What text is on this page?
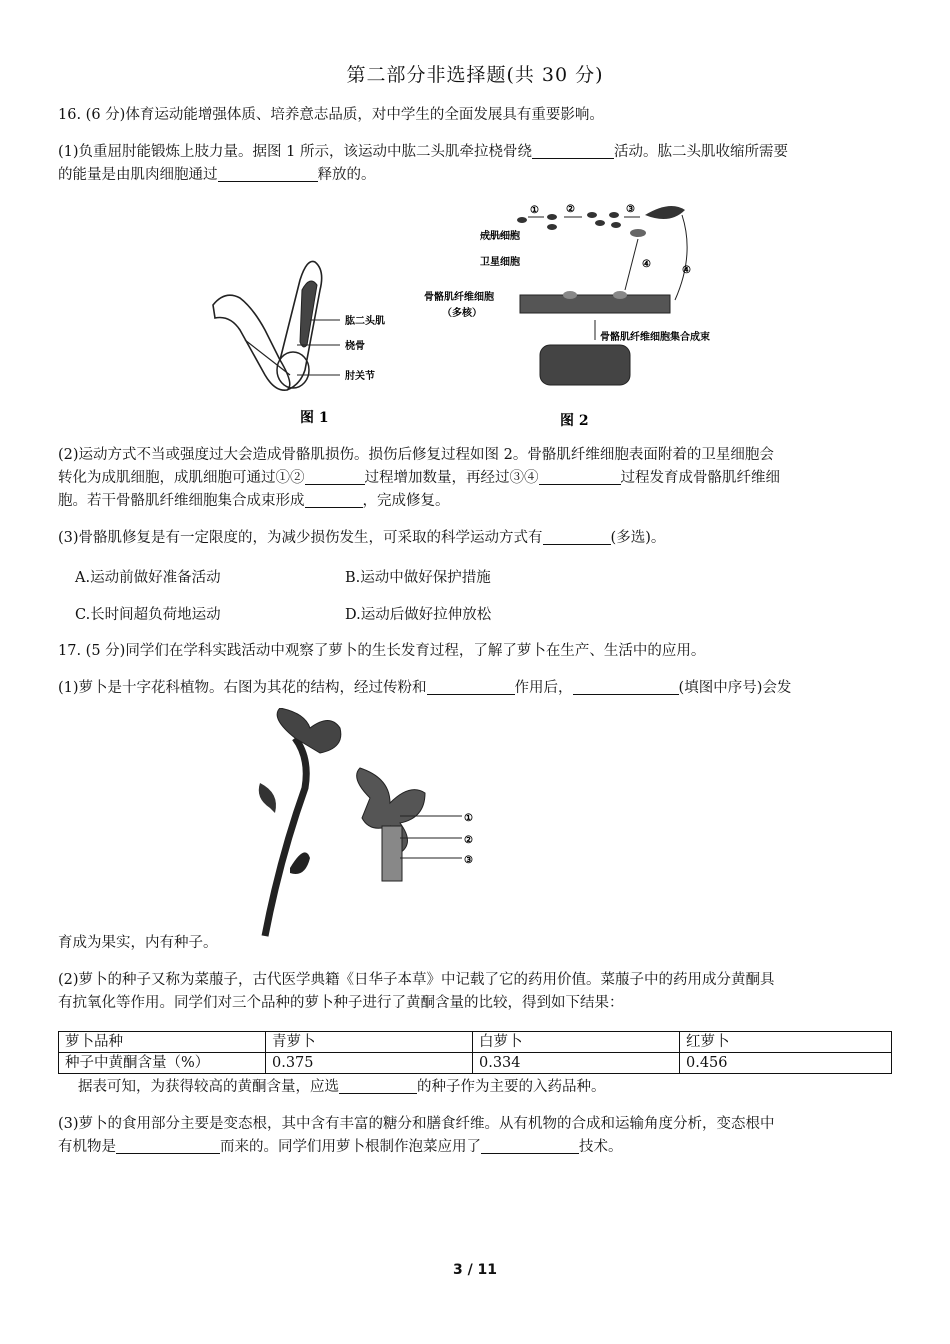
第二部分非选择题(共 30 分)
16. (6 分)体育运动能增强体质、培养意志品质，对中学生的全面发展具有重要影响。
(1)负重屈肘能锻炼上肢力量。据图 1 所示，该运动中肱二头肌牵拉桡骨绕	活动。肱二头肌收缩所需要
的能量是由肌肉细胞通过	释放的。
肱二头肌
桡骨
肘关节
图 1
成肌细胞
卫星细胞
骨骼肌纤维细胞
（多核）
骨骼肌纤维细胞集合成束
①	②	③
④
④
图 2
(2)运动方式不当或强度过大会造成骨骼肌损伤。损伤后修复过程如图 2。骨骼肌纤维细胞表面附着的卫星细胞会
转化为成肌细胞，成肌细胞可通过①②	过程增加数量，再经过③④	过程发育成骨骼肌纤维细
胞。若干骨骼肌纤维细胞集合成束形成	，完成修复。
(3)骨骼肌修复是有一定限度的，为减少损伤发生，可采取的科学运动方式有	(多选)。
A.运动前做好准备活动	B.运动中做好保护措施
C.长时间超负荷地运动	D.运动后做好拉伸放松
17. (5 分)同学们在学科实践活动中观察了萝卜的生长发育过程，了解了萝卜在生产、生活中的应用。
(1)萝卜是十字花科植物。右图为其花的结构，经过传粉和	作用后，	(填图中序号)会发
①
②
③
育成为果实，内有种子。
(2)萝卜的种子又称为菜菔子，古代医学典籍《日华子本草》中记载了它的药用价值。菜菔子中的药用成分黄酮具
有抗氧化等作用。同学们对三个品种的萝卜种子进行了黄酮含量的比较，得到如下结果：
萝卜品种	青萝卜	白萝卜	红萝卜
种子中黄酮含量（%）	0.375	0.334	0.456
据表可知，为获得较高的黄酮含量，应选	的种子作为主要的入药品种。
(3)萝卜的食用部分主要是变态根，其中含有丰富的糖分和膳食纤维。从有机物的合成和运输角度分析，变态根中
有机物是	而来的。同学们用萝卜根制作泡菜应用了	技术。
3 / 11
